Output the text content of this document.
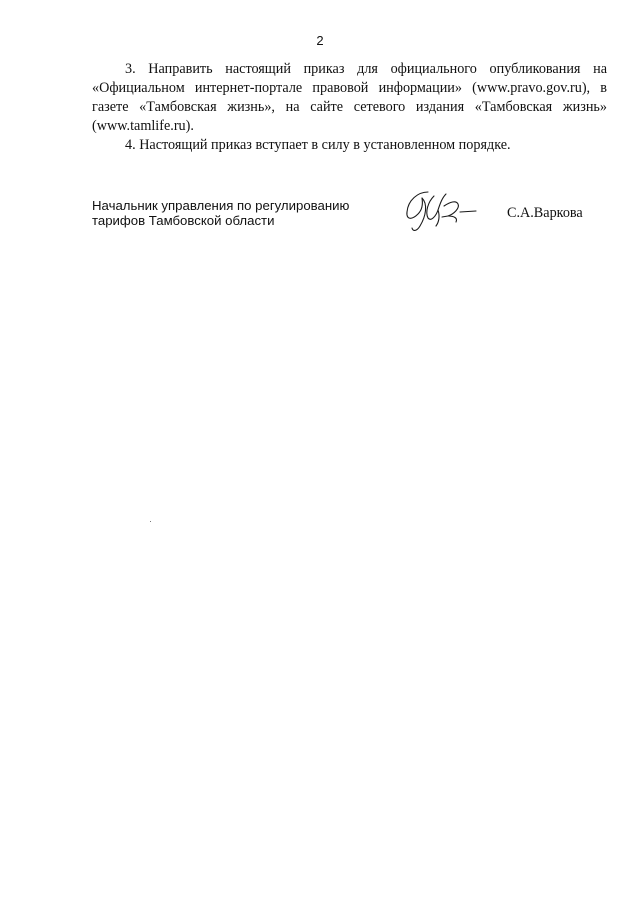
2

3. Направить настоящий приказ для официального опубликования на «Официальном интернет-портале правовой информации» (www.pravo.gov.ru), в газете «Тамбовская жизнь», на сайте сетевого издания «Тамбовская жизнь» (www.tamlife.ru).

4. Настоящий приказ вступает в силу в установленном порядке.

Начальник управления по регулированию
тарифов Тамбовской области	С.А.Варкова
